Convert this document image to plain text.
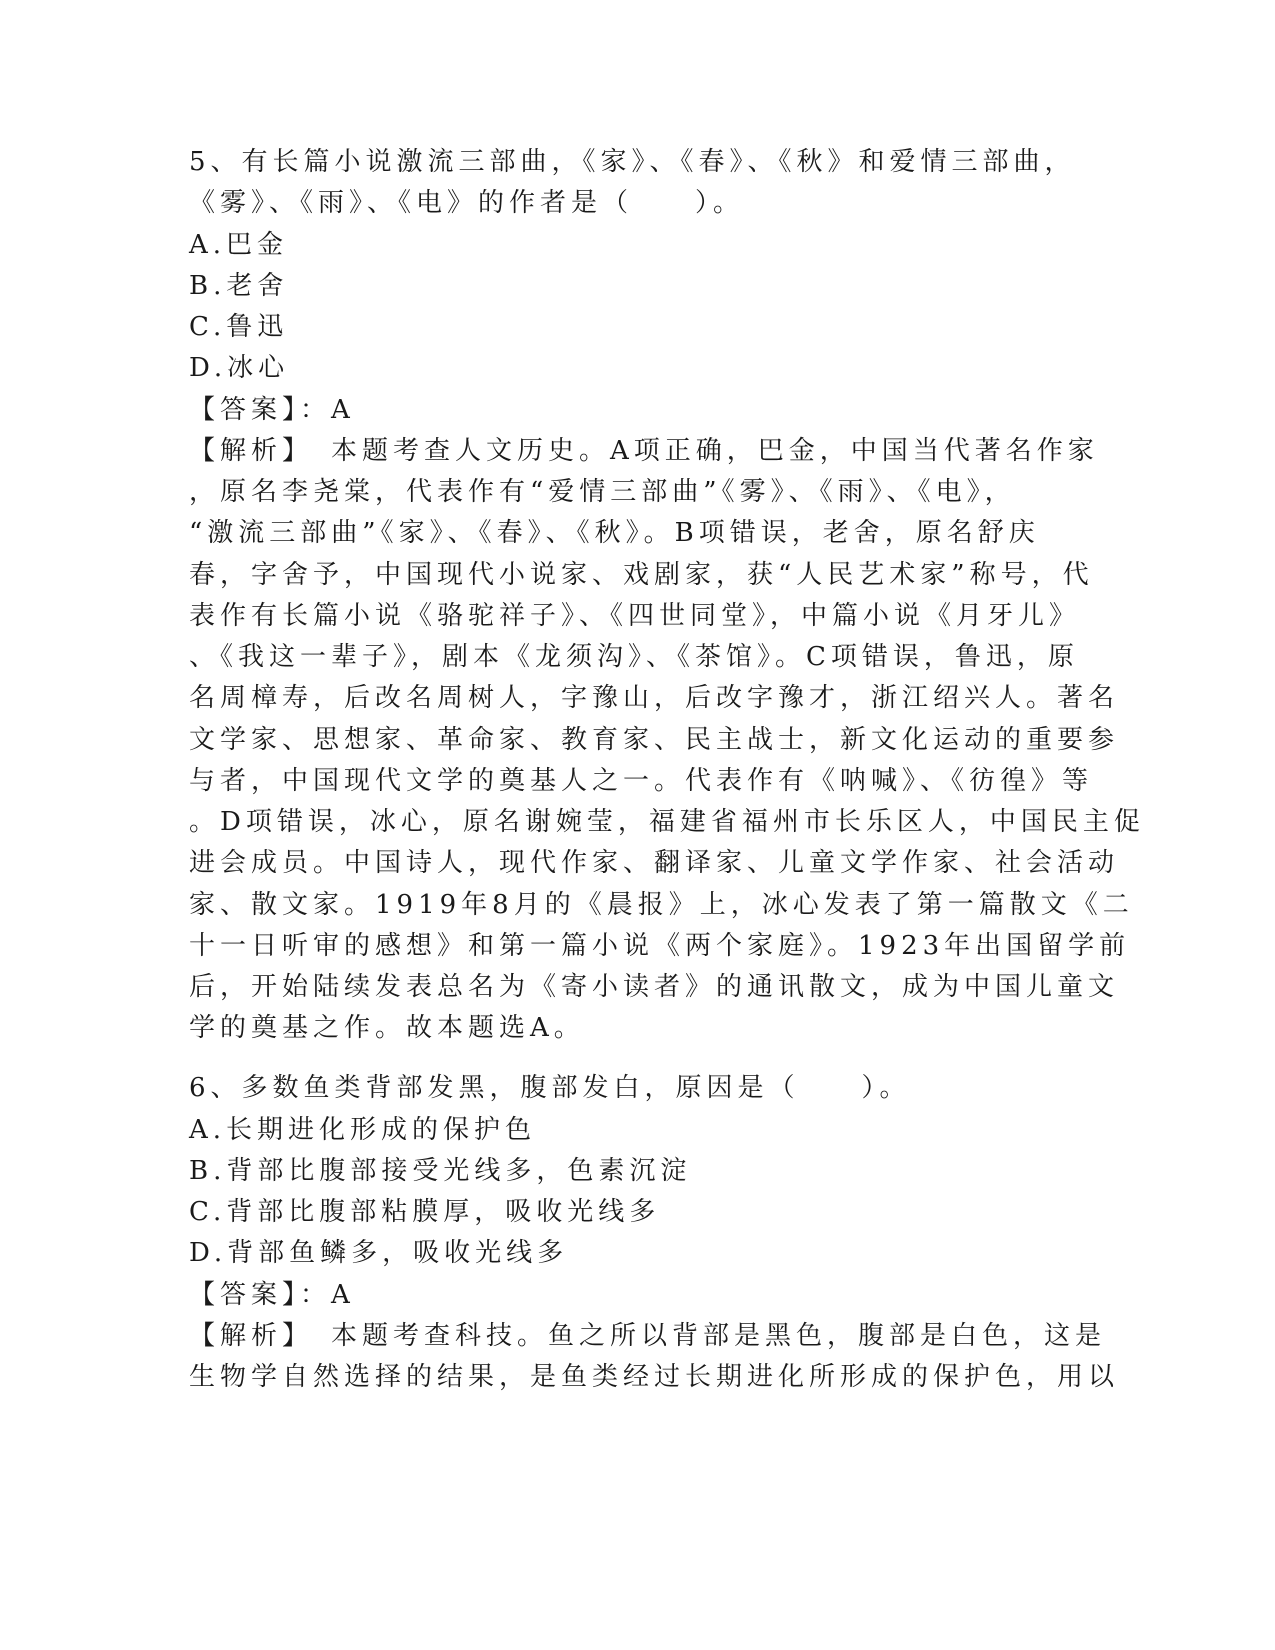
5、有长篇小说激流三部曲，《家》、《春》、《秋》和爱情三部曲，
《雾》、《雨》、《电》的作者是（　　）。
A.巴金
B.老舍
C.鲁迅
D.冰心
【答案】：A
【解析】　本题考查人文历史。A项正确，巴金，中国当代著名作家
，原名李尧棠，代表作有“爱情三部曲”《雾》、《雨》、《电》，
“激流三部曲”《家》、《春》、《秋》。B项错误，老舍，原名舒庆
春，字舍予，中国现代小说家、戏剧家，获“人民艺术家”称号，代
表作有长篇小说《骆驼祥子》、《四世同堂》，中篇小说《月牙儿》
、《我这一辈子》，剧本《龙须沟》、《茶馆》。C项错误，鲁迅，原
名周樟寿，后改名周树人，字豫山，后改字豫才，浙江绍兴人。著名
文学家、思想家、革命家、教育家、民主战士，新文化运动的重要参
与者，中国现代文学的奠基人之一。代表作有《呐喊》、《彷徨》等
。D项错误，冰心，原名谢婉莹，福建省福州市长乐区人，中国民主促
进会成员。中国诗人，现代作家、翻译家、儿童文学作家、社会活动
家、散文家。1919年8月的《晨报》上，冰心发表了第一篇散文《二
十一日听审的感想》和第一篇小说《两个家庭》。1923年出国留学前
后，开始陆续发表总名为《寄小读者》的通讯散文，成为中国儿童文
学的奠基之作。故本题选A。
6、多数鱼类背部发黑，腹部发白，原因是（　　）。
A.长期进化形成的保护色
B.背部比腹部接受光线多，色素沉淀
C.背部比腹部粘膜厚，吸收光线多
D.背部鱼鳞多，吸收光线多
【答案】：A
【解析】　本题考查科技。鱼之所以背部是黑色，腹部是白色，这是
生物学自然选择的结果，是鱼类经过长期进化所形成的保护色，用以
